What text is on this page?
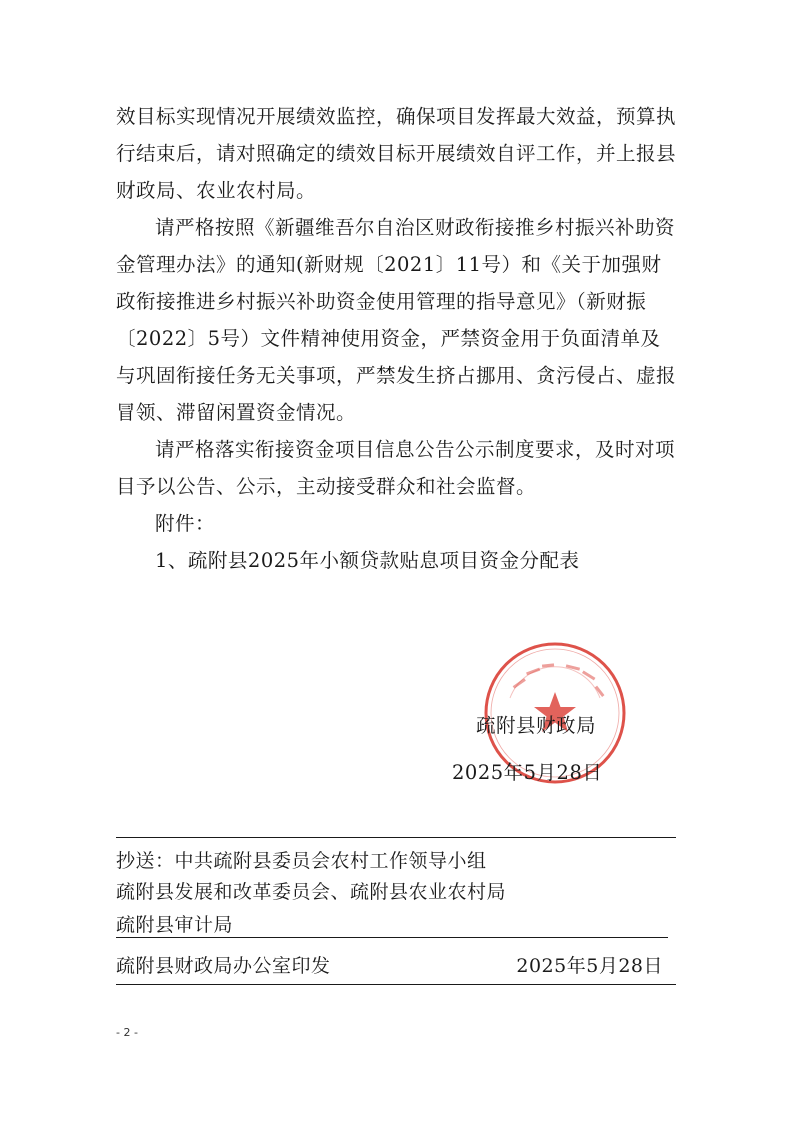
效目标实现情况开展绩效监控，确保项目发挥最大效益，预算执行结束后，请对照确定的绩效目标开展绩效自评工作，并上报县财政局、农业农村局。

请严格按照《新疆维吾尔自治区财政衔接推乡村振兴补助资金管理办法》的通知(新财规〔2021〕11号）和《关于加强财政衔接推进乡村振兴补助资金使用管理的指导意见》（新财振〔2022〕5号）文件精神使用资金，严禁资金用于负面清单及与巩固衔接任务无关事项，严禁发生挤占挪用、贪污侵占、虚报冒领、滞留闲置资金情况。

请严格落实衔接资金项目信息公告公示制度要求，及时对项目予以公告、公示，主动接受群众和社会监督。

附件：

1、疏附县2025年小额贷款贴息项目资金分配表

疏附县财政局
2025年5月28日
抄送：中共疏附县委员会农村工作领导小组
疏附县发展和改革委员会、疏附县农业农村局
疏附县审计局
疏附县财政局办公室印发	2025年5月28日
- 2 -
